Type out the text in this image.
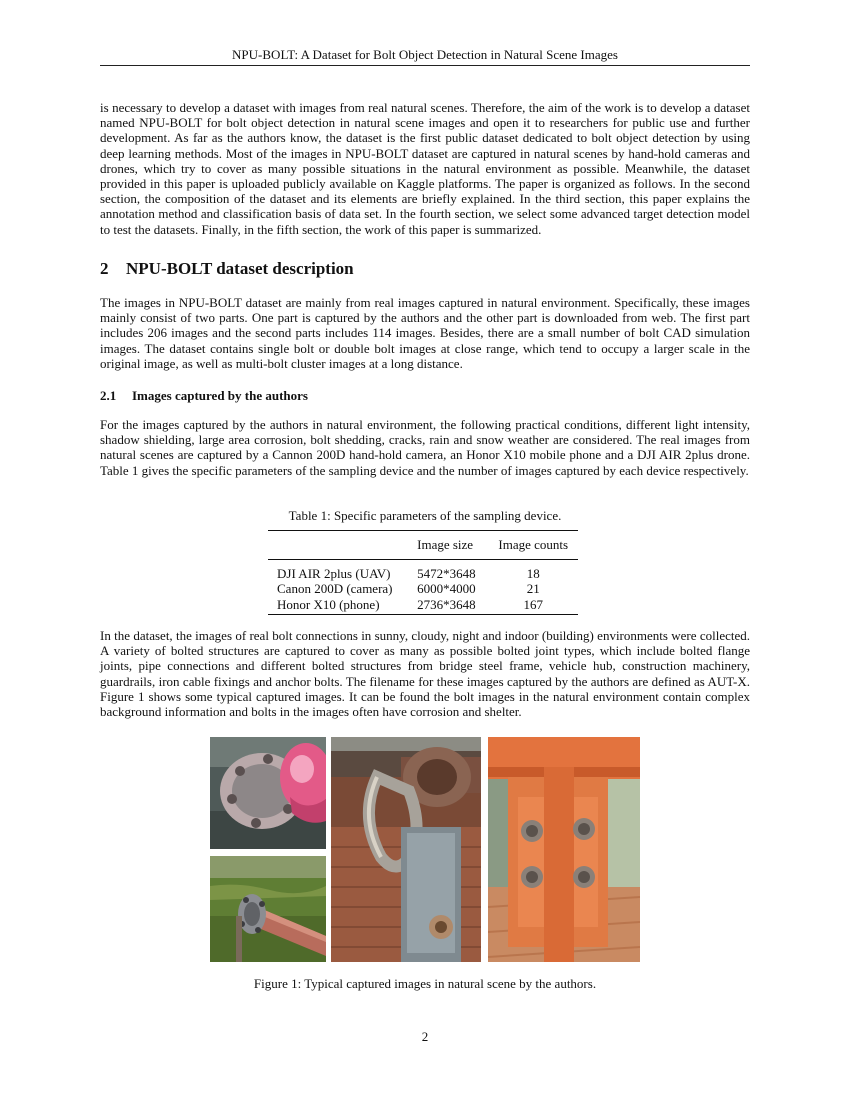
NPU-BOLT: A Dataset for Bolt Object Detection in Natural Scene Images

is necessary to develop a dataset with images from real natural scenes. Therefore, the aim of the work is to develop a dataset named NPU-BOLT for bolt object detection in natural scene images and open it to researchers for public use and further development. As far as the authors know, the dataset is the first public dataset dedicated to bolt object detection by using deep learning methods. Most of the images in NPU-BOLT dataset are captured in natural scenes by hand-hold cameras and drones, which try to cover as many possible situations in the natural environment as possible. Meanwhile, the dataset provided in this paper is uploaded publicly available on Kaggle platforms. The paper is organized as follows. In the second section, the composition of the dataset and its elements are briefly explained. In the third section, this paper explains the annotation method and classification basis of data set. In the fourth section, we select some advanced target detection model to test the datasets. Finally, in the fifth section, the work of this paper is summarized.

2 NPU-BOLT dataset description

The images in NPU-BOLT dataset are mainly from real images captured in natural environment. Specifically, these images mainly consist of two parts. One part is captured by the authors and the other part is downloaded from web. The first part includes 206 images and the second parts includes 114 images. Besides, there are a small number of bolt CAD simulation images. The dataset contains single bolt or double bolt images at close range, which tend to occupy a larger scale in the original image, as well as multi-bolt cluster images at a long distance.

2.1 Images captured by the authors

For the images captured by the authors in natural environment, the following practical conditions, different light intensity, shadow shielding, large area corrosion, bolt shedding, cracks, rain and snow weather are considered. The real images from natural scenes are captured by a Cannon 200D hand-hold camera, an Honor X10 mobile phone and a DJI AIR 2plus drone. Table 1 gives the specific parameters of the sampling device and the number of images captured by each device respectively.

Table 1: Specific parameters of the sampling device.
	Image size	Image counts
DJI AIR 2plus (UAV)	5472*3648	18
Canon 200D (camera)	6000*4000	21
Honor X10 (phone)	2736*3648	167

In the dataset, the images of real bolt connections in sunny, cloudy, night and indoor (building) environments were collected. A variety of bolted structures are captured to cover as many as possible bolted joint types, which include bolted flange joints, pipe connections and different bolted structures from bridge steel frame, vehicle hub, construction machinery, guardrails, iron cable fixings and anchor bolts. The filename for these images captured by the authors are defined as AUT-X. Figure 1 shows some typical captured images. It can be found the bolt images in the natural environment contain complex background information and bolts in the images often have corrosion and shelter.

Figure 1: Typical captured images in natural scene by the authors.
2
